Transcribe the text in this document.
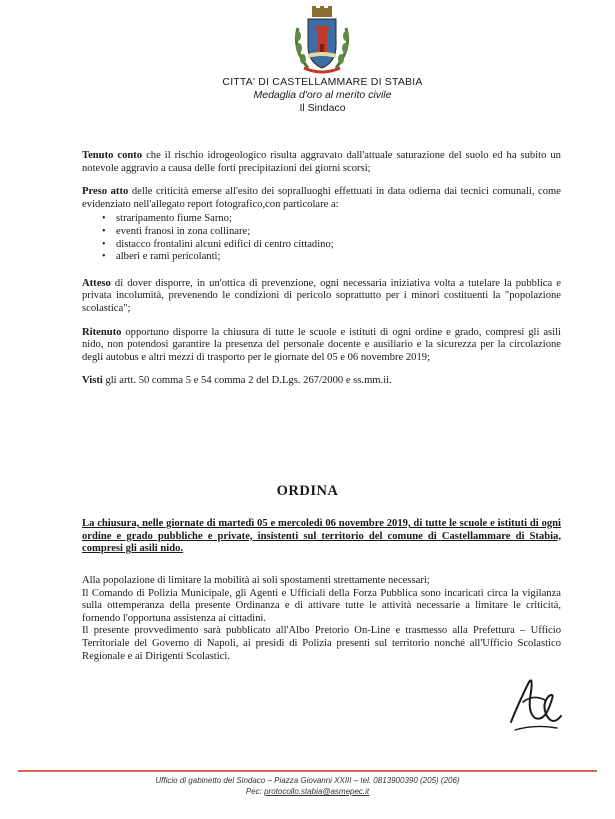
CITTA' DI CASTELLAMMARE DI STABIA
Medaglia d'oro al merito civile
Il Sindaco

Tenuto conto che il rischio idrogeologico risulta aggravato dall'attuale saturazione del suolo ed ha subito un notevole aggravio a causa delle forti precipitazioni dei giorni scorsi;

Preso atto delle criticità emerse all'esito dei sopralluoghi effettuati in data odierna dai tecnici comunali, come evidenziato nell'allegato report fotografico,con particolare a:

• straripamento fiume Sarno;
• eventi franosi in zona collinare;
• distacco frontalini alcuni edifici di centro cittadino;
• alberi e rami pericolanti;

Atteso di dover disporre, in un'ottica di prevenzione, ogni necessaria iniziativa volta a tutelare la pubblica e privata incolumità, prevenendo le condizioni di pericolo soprattutto per i minori costituenti la "popolazione scolastica";

Ritenuto opportuno disporre la chiusura di tutte le scuole e istituti di ogni ordine e grado, compresi gli asili nido, non potendosi garantire la presenza del personale docente e ausiliario e la sicurezza per la circolazione degli autobus e altri mezzi di trasporto per le giornate del 05 e 06 novembre 2019;

Visti gli artt. 50 comma 5 e 54 comma 2 del D.Lgs. 267/2000 e ss.mm.ii.

ORDINA
La chiusura, nelle giornate di martedì 05 e mercoledì 06 novembre 2019, di tutte le scuole e istituti di ogni ordine e grado pubbliche e private, insistenti sul territorio del comune di Castellammare di Stabia, compresi gli asili nido.

Alla popolazione di limitare la mobilità ai soli spostamenti strettamente necessari;

Il Comando di Polizia Municipale, gli Agenti e Ufficiali della Forza Pubblica sono incaricati circa la vigilanza sulla ottemperanza della presente Ordinanza e di attivare tutte le attività necessarie a limitare le criticità, fornendo l'opportuna assistenza ai cittadini.

Il presente provvedimento sarà pubblicato all'Albo Pretorio On-Line e trasmesso alla Prefettura – Ufficio Territoriale del Governo di Napoli, ai presidi di Polizia presenti sul territorio nonché all'Ufficio Scolastico Regionale e ai Dirigenti Scolastici.

Ufficio di gabinetto del Sindaco – Piazza Giovanni XXIII – tel. 0813900390 (205) (206)
Pec: protocollo.stabia@asmepec.it
